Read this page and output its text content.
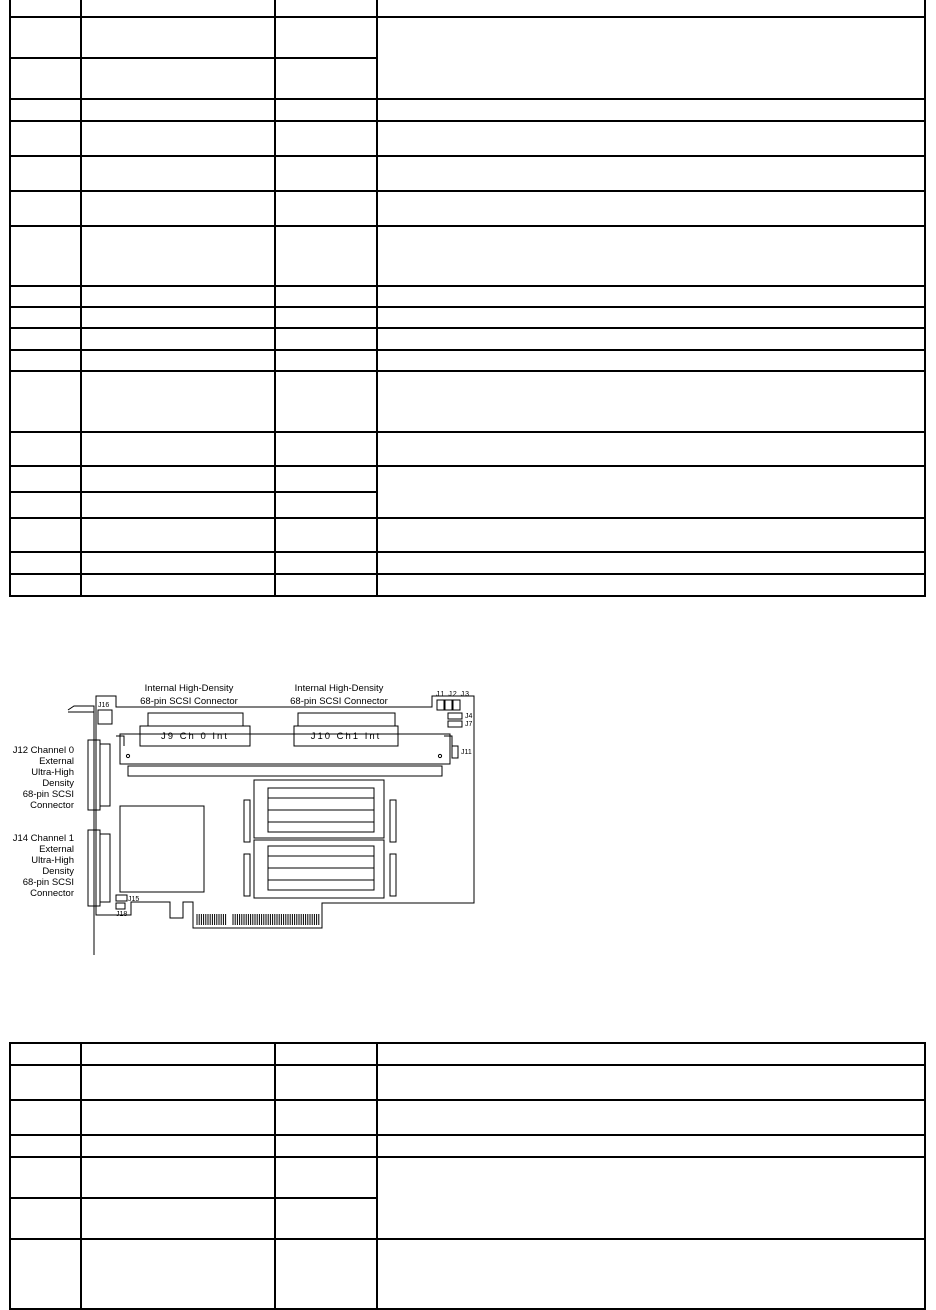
Internal High-Density
68-pin SCSI Connector
Internal High-Density
68-pin SCSI Connector
J9 Ch 0 Int	J10 Ch1 Int
J1 J2 J3
J4
J7
J11
J16
J15
J18
J12 Channel 0
External
Ultra-High
Density
68-pin SCSI
Connector
J14 Channel 1
External
Ultra-High
Density
68-pin SCSI
Connector
